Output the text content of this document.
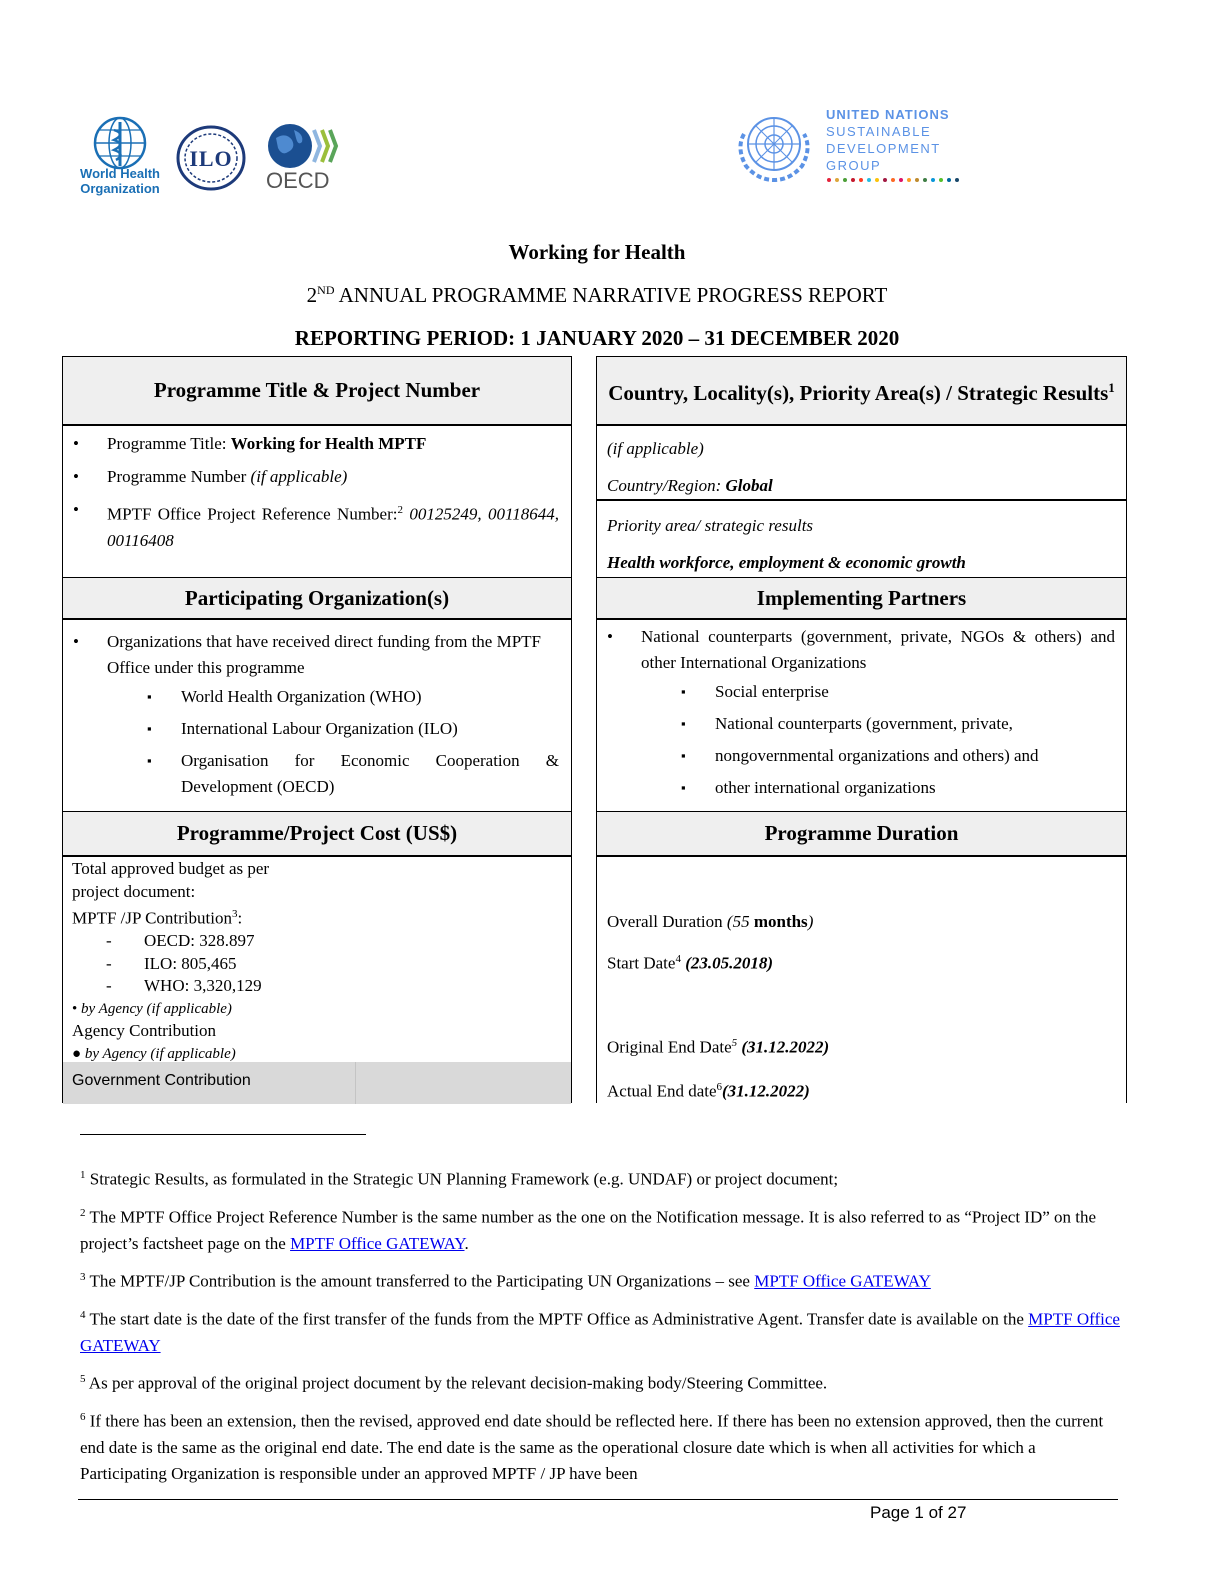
World Health
Organization
ILO
OECD
UNITED NATIONS
SUSTAINABLE
DEVELOPMENT
GROUP
Working for Health
2ND ANNUAL PROGRAMME NARRATIVE PROGRESS REPORT
REPORTING PERIOD: 1 JANUARY 2020 – 31 DECEMBER 2020
Programme Title & Project Number
• Programme Title: Working for Health MPTF
• Programme Number (if applicable)
• MPTF Office Project Reference Number:$^2$ 00125249, 00118644, 00116408
Participating Organization(s)
• Organizations that have received direct funding from the MPTF Office under this programme
▪ World Health Organization (WHO)
▪ International Labour Organization (ILO)
▪ Organisation for Economic Cooperation & Development (OECD)
Programme/Project Cost (US$)
Total approved budget as per
project document:
MPTF /JP Contribution$^3$:
- OECD: 328.897
- ILO: 805,465
- WHO: 3,320,129
• by Agency (if applicable)
Agency Contribution
● by Agency (if applicable)
Government Contribution
Country, Locality(s), Priority Area(s) / Strategic Results$^1$
(if applicable)
Country/Region: Global
Priority area/ strategic results
Health workforce, employment & economic growth
Implementing Partners
• National counterparts (government, private, NGOs & others) and other International Organizations
▪ Social enterprise
▪ National counterparts (government, private,
▪ nongovernmental organizations and others) and
▪ other international organizations
Programme Duration
Overall Duration (55 months)
Start Date$^4$ (23.05.2018)
Original End Date$^5$ (31.12.2022)
Actual End date$^6$(31.12.2022)
$^1$ Strategic Results, as formulated in the Strategic UN Planning Framework (e.g. UNDAF) or project document;
$^2$ The MPTF Office Project Reference Number is the same number as the one on the Notification message. It is also referred to as “Project ID” on the project’s factsheet page on the MPTF Office GATEWAY.
$^3$ The MPTF/JP Contribution is the amount transferred to the Participating UN Organizations – see MPTF Office GATEWAY
$^4$ The start date is the date of the first transfer of the funds from the MPTF Office as Administrative Agent. Transfer date is available on the MPTF Office GATEWAY
$^5$ As per approval of the original project document by the relevant decision-making body/Steering Committee.
$^6$ If there has been an extension, then the revised, approved end date should be reflected here. If there has been no extension approved, then the current end date is the same as the original end date. The end date is the same as the operational closure date which is when all activities for which a Participating Organization is responsible under an approved MPTF / JP have been
Page 1 of 27
